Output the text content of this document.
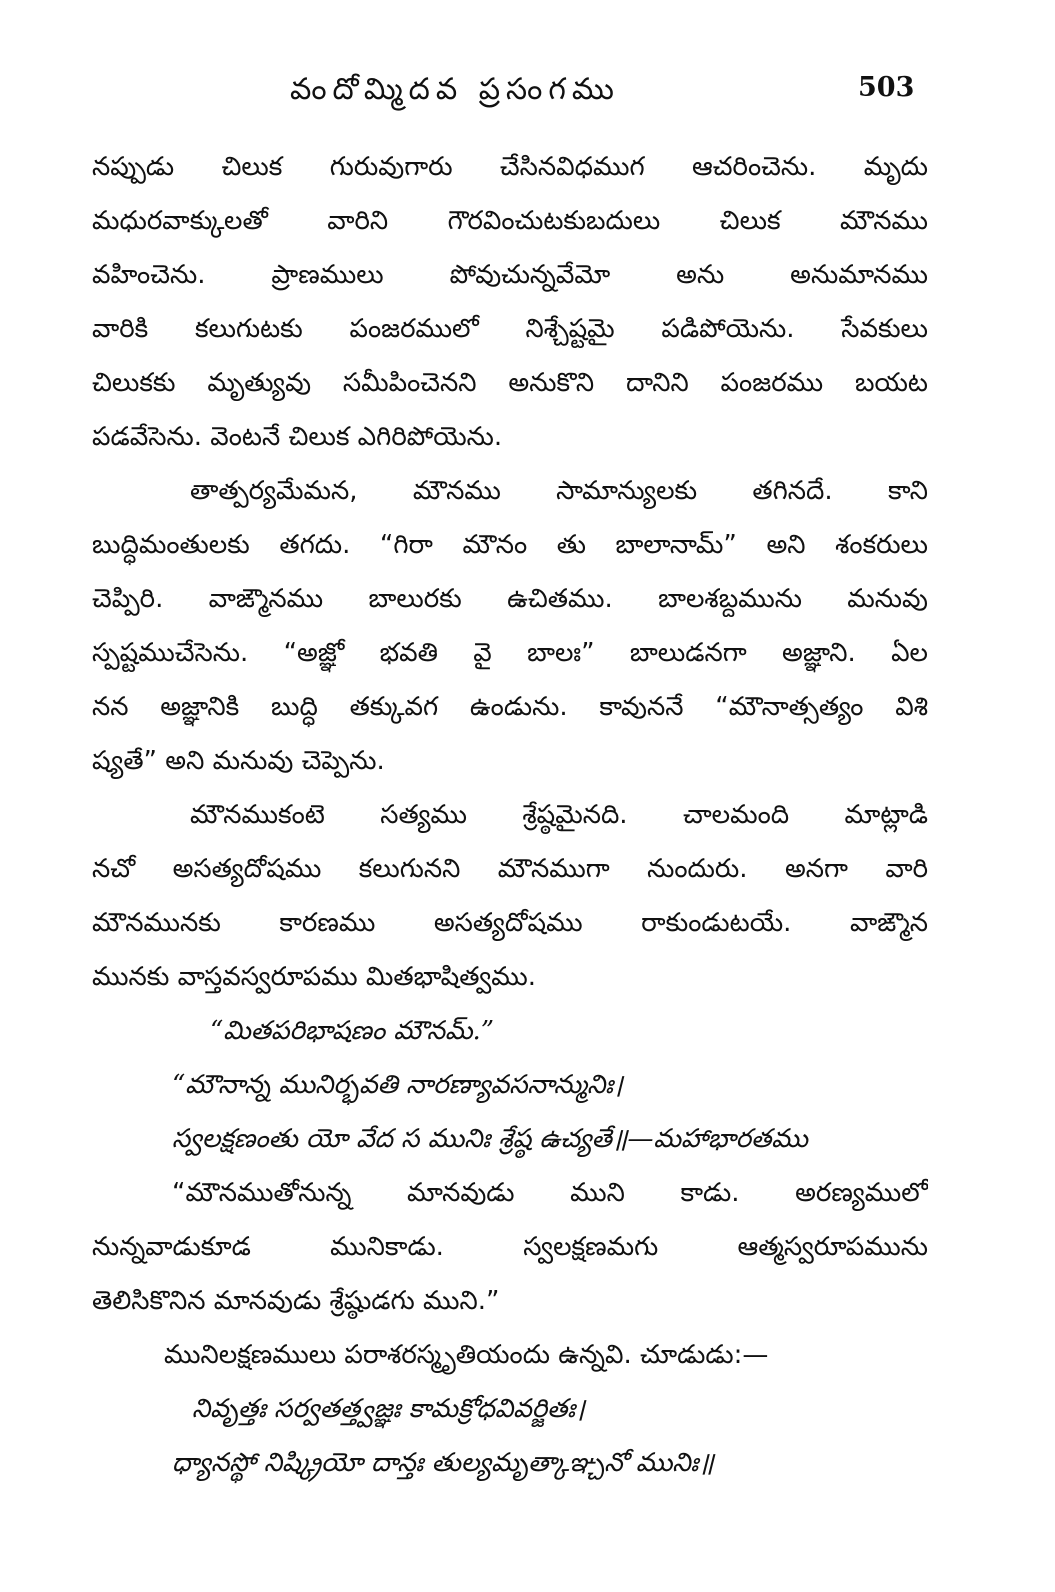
వందోమ్మిదవ ప్రసంగము	503
నప్పుడు చిలుక గురువుగారు చేసినవిధముగ ఆచరించెను. మృదు
మధురవాక్కులతో వారిని గౌరవించుటకుబదులు చిలుక మౌనము
వహించెను. ప్రాణములు పోవుచున్నవేమో అను అనుమానము
వారికి కలుగుటకు పంజరములో నిశ్చేష్టమై పడిపోయెను. సేవకులు
చిలుకకు మృత్యువు సమీపించెనని అనుకొని దానిని పంజరము బయట
పడవేసెను. వెంటనే చిలుక ఎగిరిపోయెను.
తాత్పర్యమేమన, మౌనము సామాన్యులకు తగినదే. కాని
బుద్ధిమంతులకు తగదు. “గిరా మౌనం తు బాలానామ్” అని శంకరులు
చెప్పిరి. వాఙ్మౌనము బాలురకు ఉచితము. బాలశబ్దమును మనువు
స్పష్టముచేసెను. “అజ్ఞో భవతి వై బాలః” బాలుడనగా అజ్ఞాని. ఏల
నన అజ్ఞానికి బుద్ధి తక్కువగ ఉండును. కావుననే “మౌనాత్సత్యం విశి
ష్యతే” అని మనువు చెప్పెను.
మౌనముకంటె సత్యము శ్రేష్ఠమైనది. చాలమంది మాట్లాడి
నచో అసత్యదోషము కలుగునని మౌనముగా నుందురు. అనగా వారి
మౌనమునకు కారణము అసత్యదోషము రాకుండుటయే. వాఙ్మౌన
మునకు వాస్తవస్వరూపము మితభాషిత్వము.
“మితపరిభాషణం మౌనమ్.”
“మౌనాన్న మునిర్భవతి నారణ్యావసనాన్మునిః।
స్వలక్షణంతు యో వేద స మునిః శ్రేష్ఠ ఉచ్యతే॥—మహాభారతము
“మౌనముతోనున్న మానవుడు ముని కాడు. అరణ్యములో
నున్నవాడుకూడ మునికాడు. స్వలక్షణమగు ఆత్మస్వరూపమును
తెలిసికొనిన మానవుడు శ్రేష్ఠుడగు ముని.”
మునిలక్షణములు పరాశరస్మృతియందు ఉన్నవి. చూడుడు:—
నివృత్తః సర్వతత్త్వజ్ఞః కామక్రోధవివర్జితః।
ధ్యానస్థో నిష్క్రియో దాన్తః తుల్యమృత్కాఞ్చనో మునిః॥
